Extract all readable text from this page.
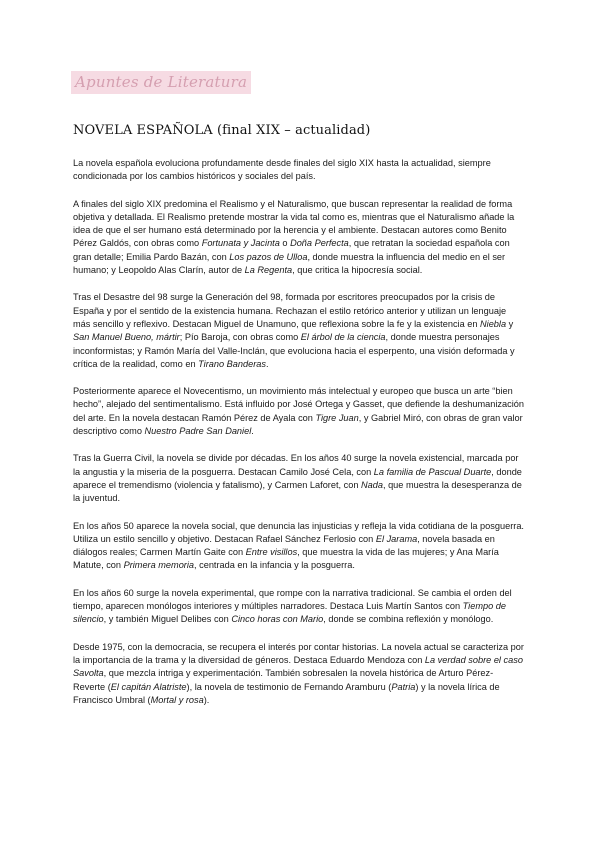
Apuntes de Literatura
NOVELA ESPAÑOLA (final XIX – actualidad)

La novela española evoluciona profundamente desde finales del siglo XIX hasta la actualidad, siempre condicionada por los cambios históricos y sociales del país.

A finales del siglo XIX predomina el Realismo y el Naturalismo, que buscan representar la realidad de forma objetiva y detallada. El Realismo pretende mostrar la vida tal como es, mientras que el Naturalismo añade la idea de que el ser humano está determinado por la herencia y el ambiente. Destacan autores como Benito Pérez Galdós, con obras como Fortunata y Jacinta o Doña Perfecta, que retratan la sociedad española con gran detalle; Emilia Pardo Bazán, con Los pazos de Ulloa, donde muestra la influencia del medio en el ser humano; y Leopoldo Alas Clarín, autor de La Regenta, que critica la hipocresía social.

Tras el Desastre del 98 surge la Generación del 98, formada por escritores preocupados por la crisis de España y por el sentido de la existencia humana. Rechazan el estilo retórico anterior y utilizan un lenguaje más sencillo y reflexivo. Destacan Miguel de Unamuno, que reflexiona sobre la fe y la existencia en Niebla y San Manuel Bueno, mártir; Pío Baroja, con obras como El árbol de la ciencia, donde muestra personajes inconformistas; y Ramón María del Valle-Inclán, que evoluciona hacia el esperpento, una visión deformada y crítica de la realidad, como en Tirano Banderas.

Posteriormente aparece el Novecentismo, un movimiento más intelectual y europeo que busca un arte “bien hecho”, alejado del sentimentalismo. Está influido por José Ortega y Gasset, que defiende la deshumanización del arte. En la novela destacan Ramón Pérez de Ayala con Tigre Juan, y Gabriel Miró, con obras de gran valor descriptivo como Nuestro Padre San Daniel.

Tras la Guerra Civil, la novela se divide por décadas. En los años 40 surge la novela existencial, marcada por la angustia y la miseria de la posguerra. Destacan Camilo José Cela, con La familia de Pascual Duarte, donde aparece el tremendismo (violencia y fatalismo), y Carmen Laforet, con Nada, que muestra la desesperanza de la juventud.

En los años 50 aparece la novela social, que denuncia las injusticias y refleja la vida cotidiana de la posguerra. Utiliza un estilo sencillo y objetivo. Destacan Rafael Sánchez Ferlosio con El Jarama, novela basada en diálogos reales; Carmen Martín Gaite con Entre visillos, que muestra la vida de las mujeres; y Ana María Matute, con Primera memoria, centrada en la infancia y la posguerra.

En los años 60 surge la novela experimental, que rompe con la narrativa tradicional. Se cambia el orden del tiempo, aparecen monólogos interiores y múltiples narradores. Destaca Luis Martín Santos con Tiempo de silencio, y también Miguel Delibes con Cinco horas con Mario, donde se combina reflexión y monólogo.

Desde 1975, con la democracia, se recupera el interés por contar historias. La novela actual se caracteriza por la importancia de la trama y la diversidad de géneros. Destaca Eduardo Mendoza con La verdad sobre el caso Savolta, que mezcla intriga y experimentación. También sobresalen la novela histórica de Arturo Pérez-Reverte (El capitán Alatriste), la novela de testimonio de Fernando Aramburu (Patria) y la novela lírica de Francisco Umbral (Mortal y rosa).
